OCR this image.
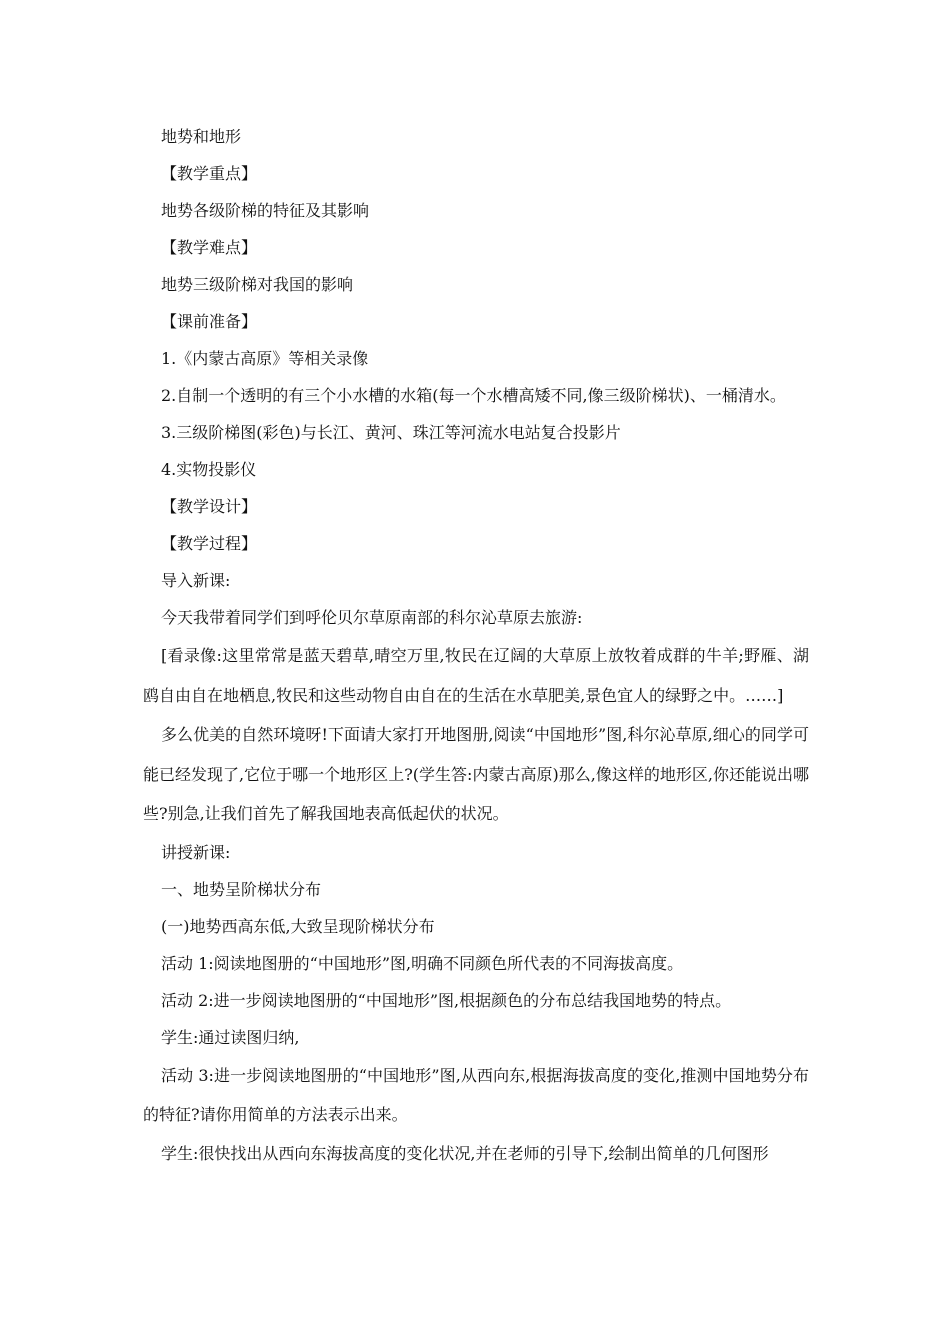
地势和地形

【教学重点】

地势各级阶梯的特征及其影响

【教学难点】

地势三级阶梯对我国的影响

【课前准备】

1.《内蒙古高原》等相关录像

2.自制一个透明的有三个小水槽的水箱(每一个水槽高矮不同,像三级阶梯状)、一桶清水。

3.三级阶梯图(彩色)与长江、黄河、珠江等河流水电站复合投影片

4.实物投影仪

【教学设计】

【教学过程】

导入新课:

今天我带着同学们到呼伦贝尔草原南部的科尔沁草原去旅游:

[看录像:这里常常是蓝天碧草,晴空万里,牧民在辽阔的大草原上放牧着成群的牛羊;野雁、湖鸥自由自在地栖息,牧民和这些动物自由自在的生活在水草肥美,景色宜人的绿野之中。……]

多么优美的自然环境呀!下面请大家打开地图册,阅读“中国地形”图,科尔沁草原,细心的同学可能已经发现了,它位于哪一个地形区上?(学生答:内蒙古高原)那么,像这样的地形区,你还能说出哪些?别急,让我们首先了解我国地表高低起伏的状况。

讲授新课:

一、地势呈阶梯状分布

(一)地势西高东低,大致呈现阶梯状分布

活动 1:阅读地图册的“中国地形”图,明确不同颜色所代表的不同海拔高度。

活动 2:进一步阅读地图册的“中国地形”图,根据颜色的分布总结我国地势的特点。

学生:通过读图归纳,

活动 3:进一步阅读地图册的“中国地形”图,从西向东,根据海拔高度的变化,推测中国地势分布的特征?请你用简单的方法表示出来。

学生:很快找出从西向东海拔高度的变化状况,并在老师的引导下,绘制出简单的几何图形
